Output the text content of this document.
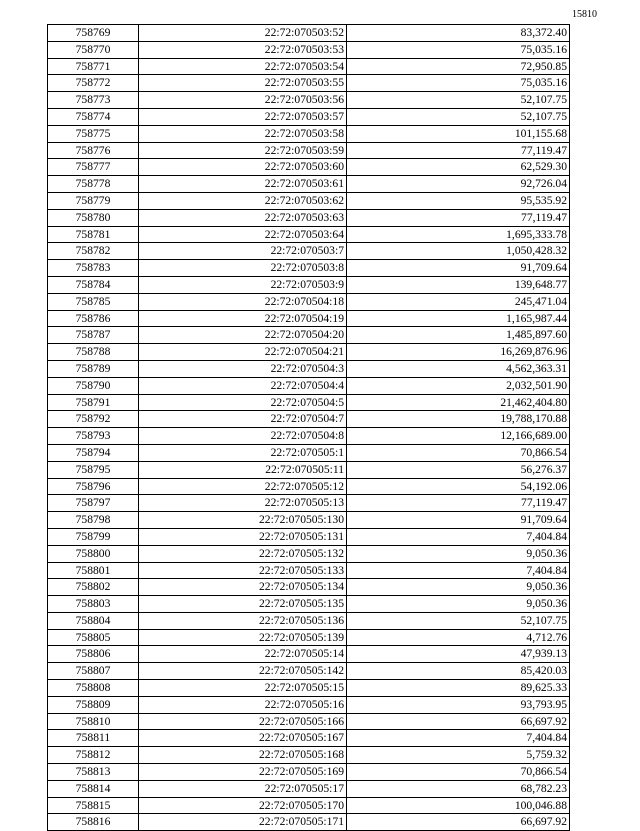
15810
758769	22:72:070503:52	83,372.40
758770	22:72:070503:53	75,035.16
758771	22:72:070503:54	72,950.85
758772	22:72:070503:55	75,035.16
758773	22:72:070503:56	52,107.75
758774	22:72:070503:57	52,107.75
758775	22:72:070503:58	101,155.68
758776	22:72:070503:59	77,119.47
758777	22:72:070503:60	62,529.30
758778	22:72:070503:61	92,726.04
758779	22:72:070503:62	95,535.92
758780	22:72:070503:63	77,119.47
758781	22:72:070503:64	1,695,333.78
758782	22:72:070503:7	1,050,428.32
758783	22:72:070503:8	91,709.64
758784	22:72:070503:9	139,648.77
758785	22:72:070504:18	245,471.04
758786	22:72:070504:19	1,165,987.44
758787	22:72:070504:20	1,485,897.60
758788	22:72:070504:21	16,269,876.96
758789	22:72:070504:3	4,562,363.31
758790	22:72:070504:4	2,032,501.90
758791	22:72:070504:5	21,462,404.80
758792	22:72:070504:7	19,788,170.88
758793	22:72:070504:8	12,166,689.00
758794	22:72:070505:1	70,866.54
758795	22:72:070505:11	56,276.37
758796	22:72:070505:12	54,192.06
758797	22:72:070505:13	77,119.47
758798	22:72:070505:130	91,709.64
758799	22:72:070505:131	7,404.84
758800	22:72:070505:132	9,050.36
758801	22:72:070505:133	7,404.84
758802	22:72:070505:134	9,050.36
758803	22:72:070505:135	9,050.36
758804	22:72:070505:136	52,107.75
758805	22:72:070505:139	4,712.76
758806	22:72:070505:14	47,939.13
758807	22:72:070505:142	85,420.03
758808	22:72:070505:15	89,625.33
758809	22:72:070505:16	93,793.95
758810	22:72:070505:166	66,697.92
758811	22:72:070505:167	7,404.84
758812	22:72:070505:168	5,759.32
758813	22:72:070505:169	70,866.54
758814	22:72:070505:17	68,782.23
758815	22:72:070505:170	100,046.88
758816	22:72:070505:171	66,697.92
